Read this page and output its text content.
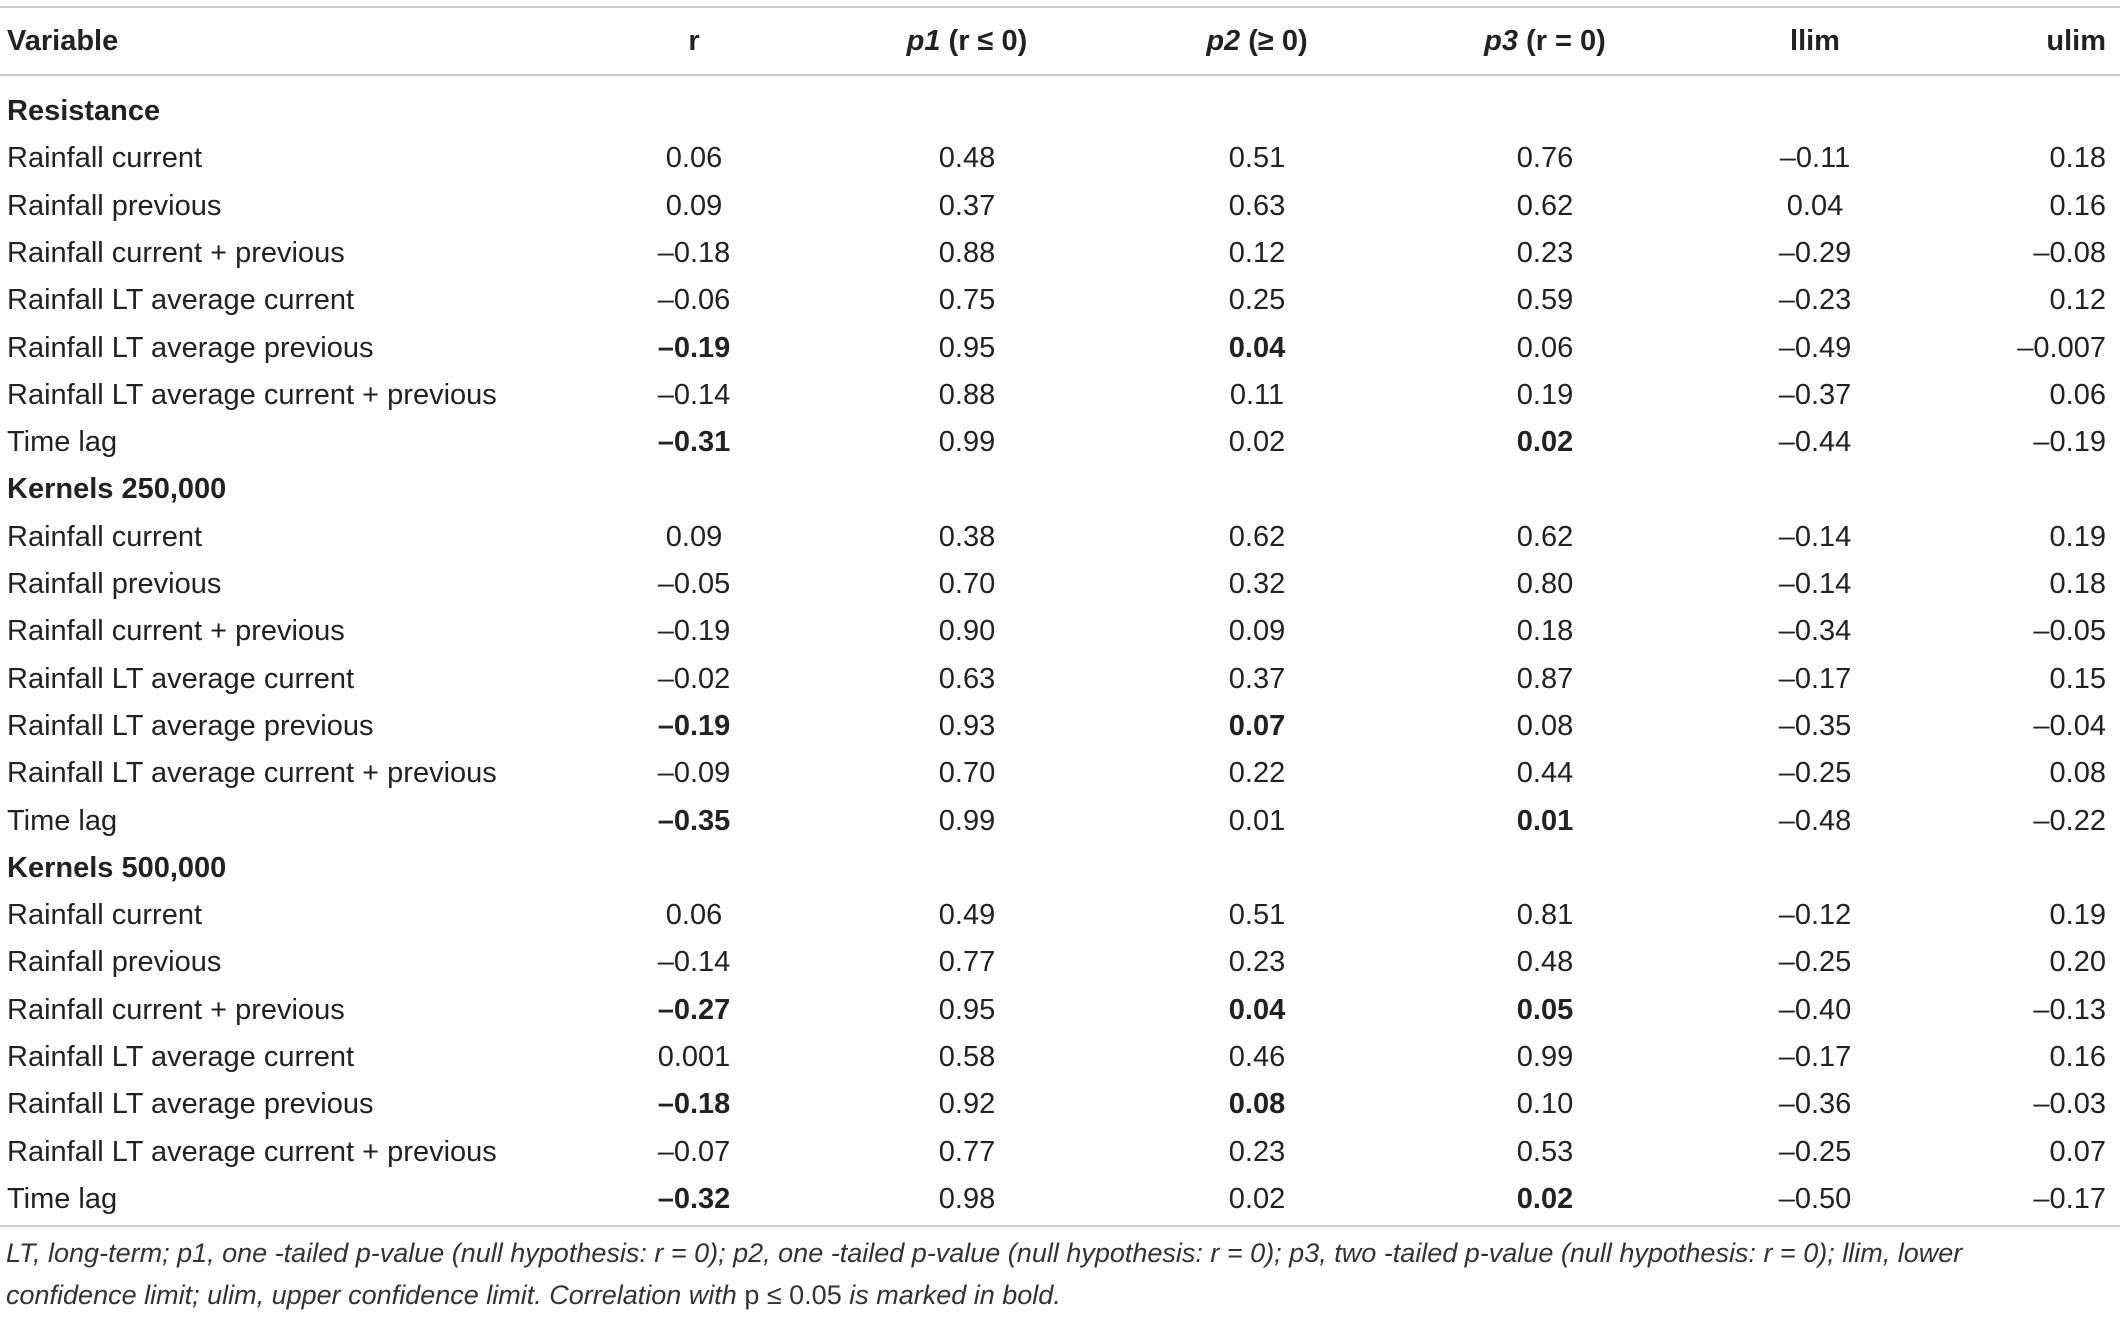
Variable	r	p1 (r ≤ 0)	p2 (≥ 0)	p3 (r = 0)	llim	ulim
Resistance
Rainfall current	0.06	0.48	0.51	0.76	–0.11	0.18
Rainfall previous	0.09	0.37	0.63	0.62	0.04	0.16
Rainfall current + previous	–0.18	0.88	0.12	0.23	–0.29	–0.08
Rainfall LT average current	–0.06	0.75	0.25	0.59	–0.23	0.12
Rainfall LT average previous	–0.19	0.95	0.04	0.06	–0.49	–0.007
Rainfall LT average current + previous	–0.14	0.88	0.11	0.19	–0.37	0.06
Time lag	–0.31	0.99	0.02	0.02	–0.44	–0.19
Kernels 250,000
Rainfall current	0.09	0.38	0.62	0.62	–0.14	0.19
Rainfall previous	–0.05	0.70	0.32	0.80	–0.14	0.18
Rainfall current + previous	–0.19	0.90	0.09	0.18	–0.34	–0.05
Rainfall LT average current	–0.02	0.63	0.37	0.87	–0.17	0.15
Rainfall LT average previous	–0.19	0.93	0.07	0.08	–0.35	–0.04
Rainfall LT average current + previous	–0.09	0.70	0.22	0.44	–0.25	0.08
Time lag	–0.35	0.99	0.01	0.01	–0.48	–0.22
Kernels 500,000
Rainfall current	0.06	0.49	0.51	0.81	–0.12	0.19
Rainfall previous	–0.14	0.77	0.23	0.48	–0.25	0.20
Rainfall current + previous	–0.27	0.95	0.04	0.05	–0.40	–0.13
Rainfall LT average current	0.001	0.58	0.46	0.99	–0.17	0.16
Rainfall LT average previous	–0.18	0.92	0.08	0.10	–0.36	–0.03
Rainfall LT average current + previous	–0.07	0.77	0.23	0.53	–0.25	0.07
Time lag	–0.32	0.98	0.02	0.02	–0.50	–0.17
LT, long-term; p1, one -tailed p-value (null hypothesis: r = 0); p2, one -tailed p-value (null hypothesis: r = 0); p3, two -tailed p-value (null hypothesis: r = 0); llim, lower
confidence limit; ulim, upper confidence limit. Correlation with p ≤ 0.05 is marked in bold.
